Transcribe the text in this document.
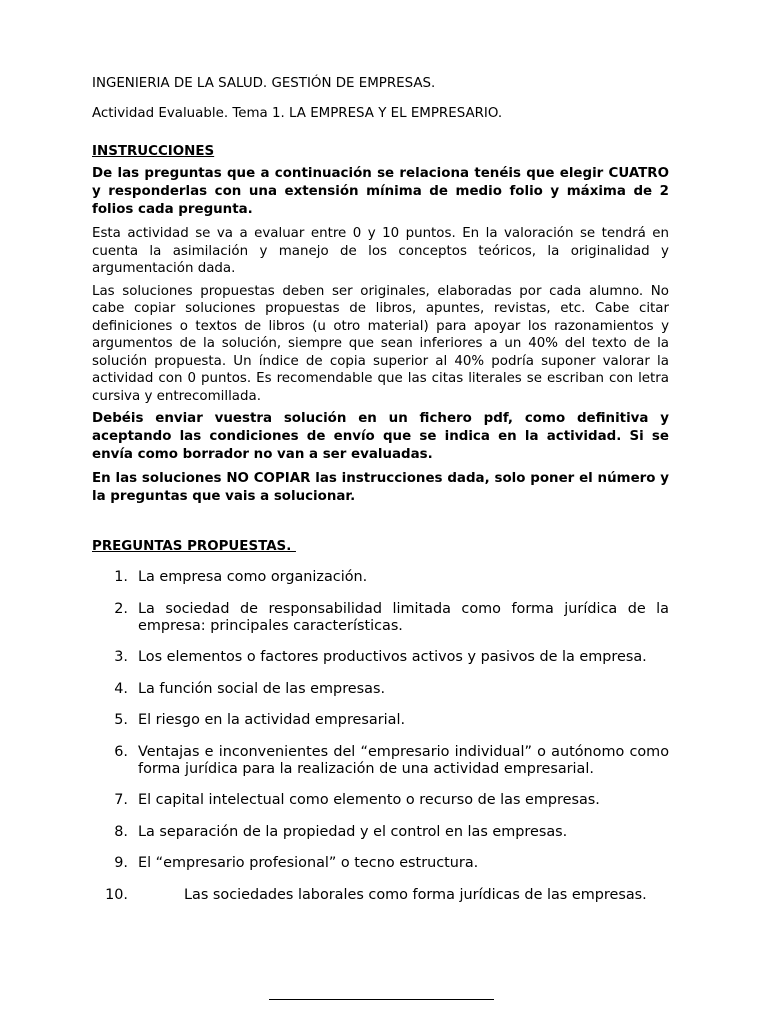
INGENIERIA DE LA SALUD. GESTIÓN DE EMPRESAS.

Actividad Evaluable. Tema 1. LA EMPRESA Y EL EMPRESARIO.

INSTRUCCIONES

De las preguntas que a continuación se relaciona tenéis que elegir CUATRO y responderlas con una extensión mínima de medio folio y máxima de 2 folios cada pregunta.

Esta actividad se va a evaluar entre 0 y 10 puntos. En la valoración se tendrá en cuenta la asimilación y manejo de los conceptos teóricos, la originalidad y argumentación dada.

Las soluciones propuestas deben ser originales, elaboradas por cada alumno. No cabe copiar soluciones propuestas de libros, apuntes, revistas, etc. Cabe citar definiciones o textos de libros (u otro material) para apoyar los razonamientos y argumentos de la solución, siempre que sean inferiores a un 40% del texto de la solución propuesta. Un índice de copia superior al 40% podría suponer valorar la actividad con 0 puntos. Es recomendable que las citas literales se escriban con letra cursiva y entrecomillada.

Debéis enviar vuestra solución en un fichero pdf, como definitiva y aceptando las condiciones de envío que se indica en la actividad. Si se envía como borrador no van a ser evaluadas.

En las soluciones NO COPIAR las instrucciones dada, solo poner el número y la preguntas que vais a solucionar.

PREGUNTAS PROPUESTAS.

1. La empresa como organización.
2. La sociedad de responsabilidad limitada como forma jurídica de la empresa: principales características.
3. Los elementos o factores productivos activos y pasivos de la empresa.
4. La función social de las empresas.
5. El riesgo en la actividad empresarial.
6. Ventajas e inconvenientes del “empresario individual” o autónomo como forma jurídica para la realización de una actividad empresarial.
7. El capital intelectual como elemento o recurso de las empresas.
8. La separación de la propiedad y el control en las empresas.
9. El “empresario profesional” o tecno estructura.
10.	Las sociedades laborales como forma jurídicas de las empresas.
